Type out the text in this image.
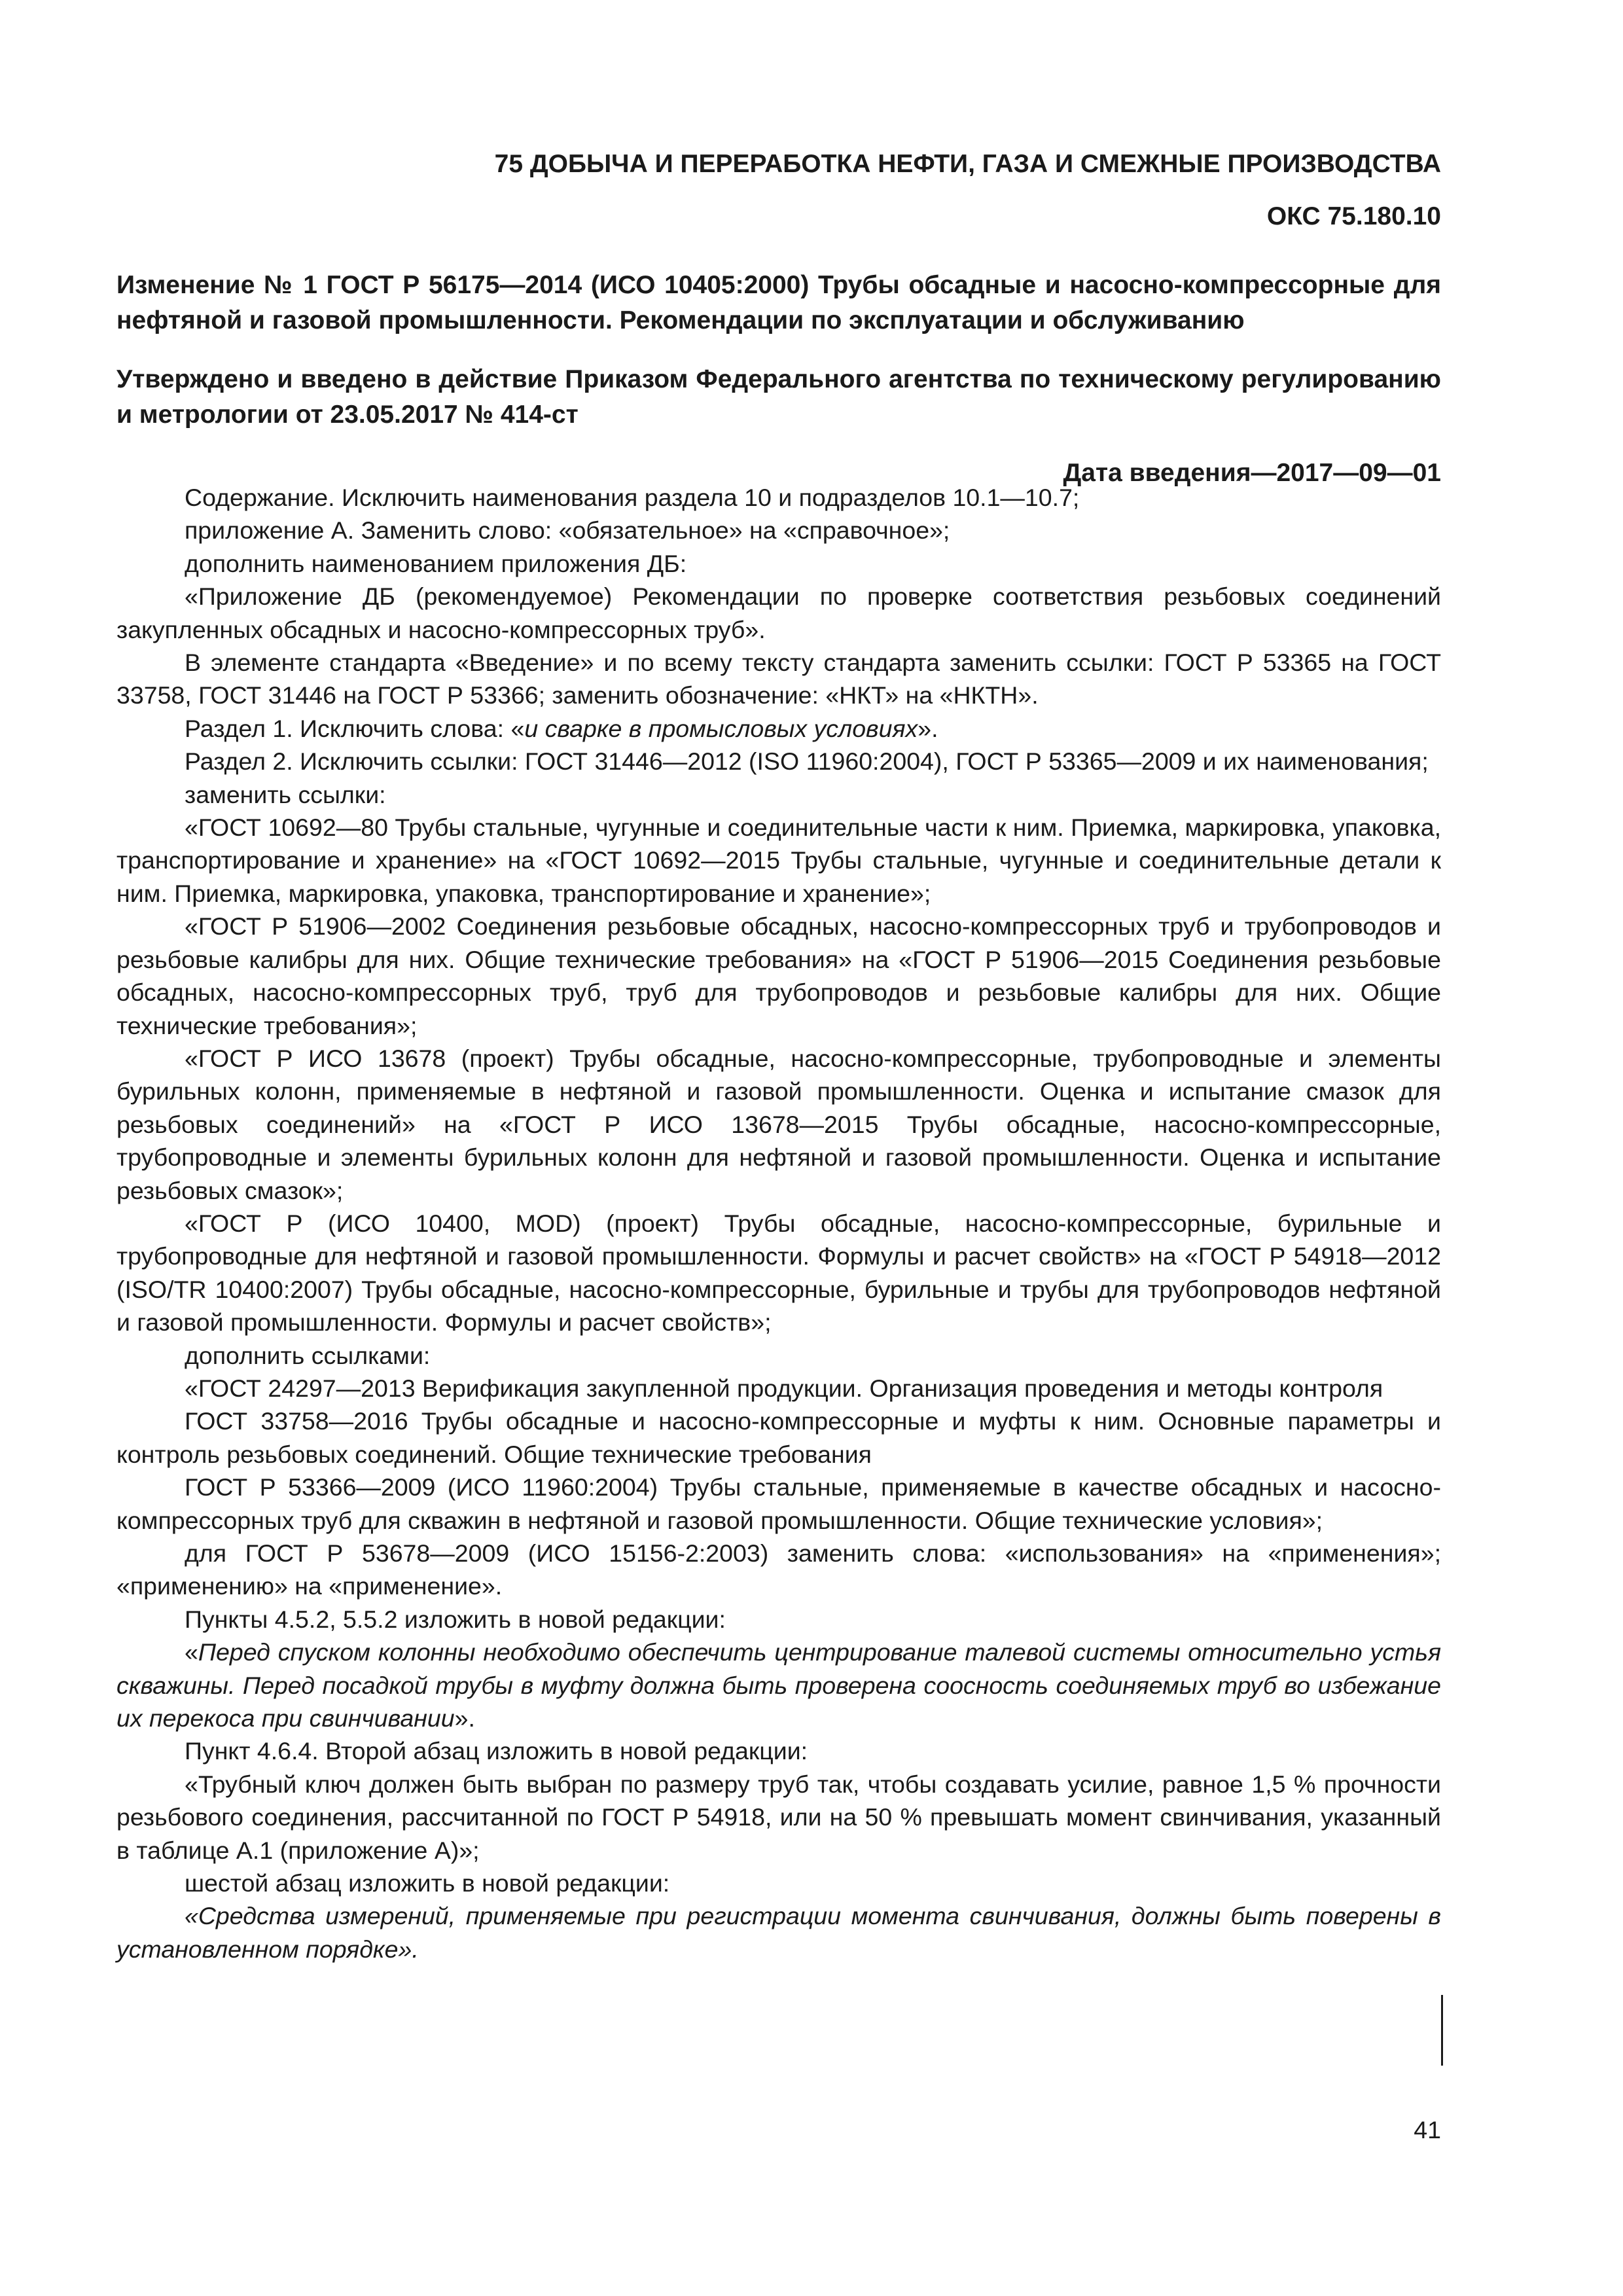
75 ДОБЫЧА И ПЕРЕРАБОТКА НЕФТИ, ГАЗА И СМЕЖНЫЕ ПРОИЗВОДСТВА

ОКС 75.180.10

Изменение № 1 ГОСТ Р 56175—2014 (ИСО 10405:2000) Трубы обсадные и насосно-компрессорные для нефтяной и газовой промышленности. Рекомендации по эксплуатации и обслуживанию

Утверждено и введено в действие Приказом Федерального агентства по техническому регулированию и метрологии от 23.05.2017 № 414-ст

Дата введения—2017—09—01

Содержание. Исключить наименования раздела 10 и подразделов 10.1—10.7;

приложение А. Заменить слово: «обязательное» на «справочное»;

дополнить наименованием приложения ДБ:

«Приложение ДБ (рекомендуемое) Рекомендации по проверке соответствия резьбовых соединений закупленных обсадных и насосно-компрессорных труб».

В элементе стандарта «Введение» и по всему тексту стандарта заменить ссылки: ГОСТ Р 53365 на ГОСТ 33758, ГОСТ 31446 на ГОСТ Р 53366; заменить обозначение: «НКТ» на «НКТН».

Раздел 1. Исключить слова: «и сварке в промысловых условиях».

Раздел 2. Исключить ссылки: ГОСТ 31446—2012 (ISO 11960:2004), ГОСТ Р 53365—2009 и их наименования;

заменить ссылки:

«ГОСТ 10692—80 Трубы стальные, чугунные и соединительные части к ним. Приемка, маркировка, упаковка, транспортирование и хранение» на «ГОСТ 10692—2015 Трубы стальные, чугунные и соединительные детали к ним. Приемка, маркировка, упаковка, транспортирование и хранение»;

«ГОСТ Р 51906—2002 Соединения резьбовые обсадных, насосно-компрессорных труб и трубопроводов и резьбовые калибры для них. Общие технические требования» на «ГОСТ Р 51906—2015 Соединения резьбовые обсадных, насосно-компрессорных труб, труб для трубопроводов и резьбовые калибры для них. Общие технические требования»;

«ГОСТ Р ИСО 13678 (проект) Трубы обсадные, насосно-компрессорные, трубопроводные и элементы бурильных колонн, применяемые в нефтяной и газовой промышленности. Оценка и испытание смазок для резьбовых соединений» на «ГОСТ Р ИСО 13678—2015 Трубы обсадные, насосно-компрессорные, трубопроводные и элементы бурильных колонн для нефтяной и газовой промышленности. Оценка и испытание резьбовых смазок»;

«ГОСТ Р (ИСО 10400, MOD) (проект) Трубы обсадные, насосно-компрессорные, бурильные и трубопроводные для нефтяной и газовой промышленности. Формулы и расчет свойств» на «ГОСТ Р 54918—2012 (ISO/TR 10400:2007) Трубы обсадные, насосно-компрессорные, бурильные и трубы для трубопроводов нефтяной и газовой промышленности. Формулы и расчет свойств»;

дополнить ссылками:

«ГОСТ 24297—2013 Верификация закупленной продукции. Организация проведения и методы контроля

ГОСТ 33758—2016 Трубы обсадные и насосно-компрессорные и муфты к ним. Основные параметры и контроль резьбовых соединений. Общие технические требования

ГОСТ Р 53366—2009 (ИСО 11960:2004) Трубы стальные, применяемые в качестве обсадных и насосно-компрессорных труб для скважин в нефтяной и газовой промышленности. Общие технические условия»;

для ГОСТ Р 53678—2009 (ИСО 15156-2:2003) заменить слова: «использования» на «применения»; «применению» на «применение».

Пункты 4.5.2, 5.5.2 изложить в новой редакции:

«Перед спуском колонны необходимо обеспечить центрирование талевой системы относительно устья скважины. Перед посадкой трубы в муфту должна быть проверена соосность соединяемых труб во избежание их перекоса при свинчивании».

Пункт 4.6.4. Второй абзац изложить в новой редакции:

«Трубный ключ должен быть выбран по размеру труб так, чтобы создавать усилие, равное 1,5 % прочности резьбового соединения, рассчитанной по ГОСТ Р 54918, или на 50 % превышать момент свинчивания, указанный в таблице А.1 (приложение А)»;

шестой абзац изложить в новой редакции:

«Средства измерений, применяемые при регистрации момента свинчивания, должны быть поверены в установленном порядке».

41
